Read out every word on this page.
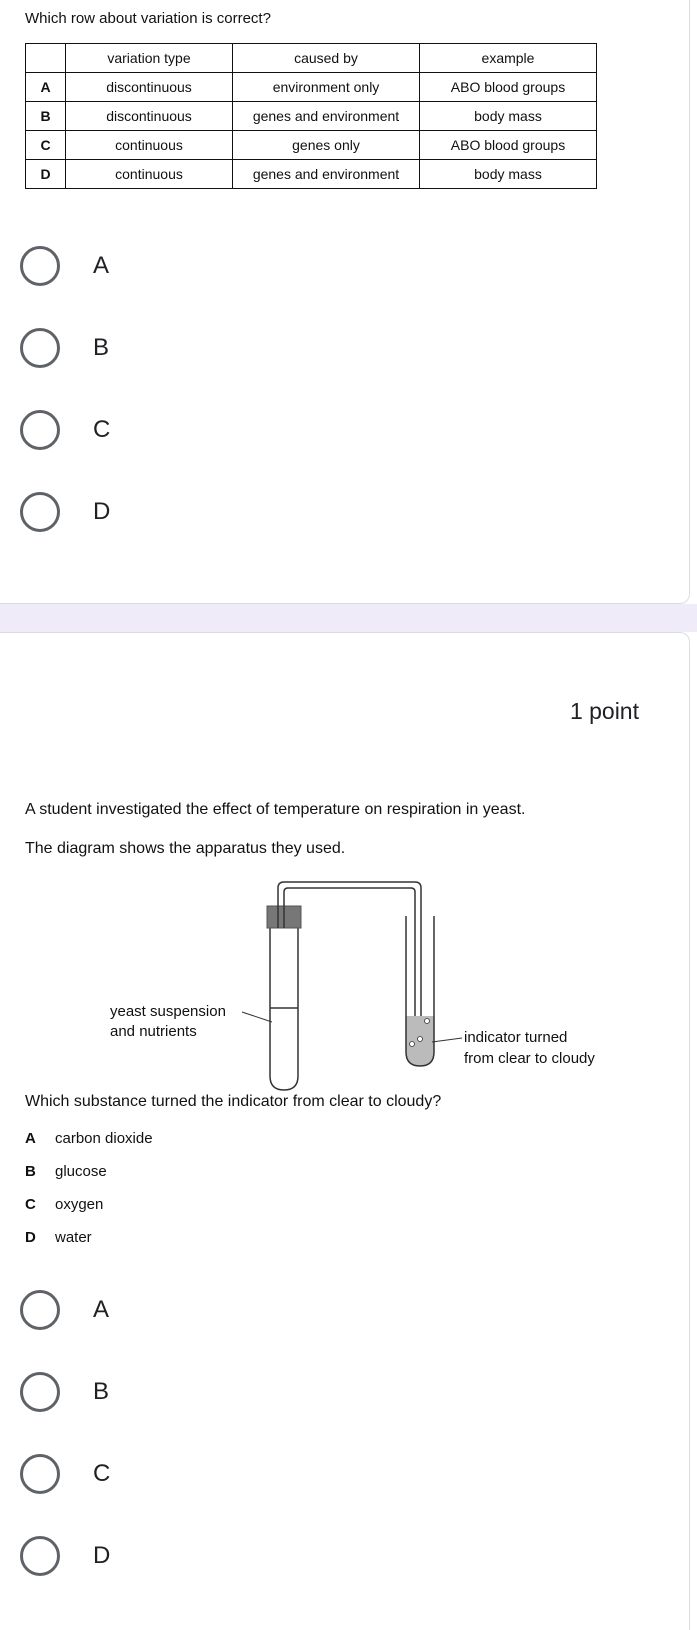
Which row about variation is correct?
	variation type	caused by	example
A	discontinuous	environment only	ABO blood groups
B	discontinuous	genes and environment	body mass
C	continuous	genes only	ABO blood groups
D	continuous	genes and environment	body mass
A
B
C
D
1 point
A student investigated the effect of temperature on respiration in yeast.
The diagram shows the apparatus they used.
yeast suspension
and nutrients	indicator turned
from clear to cloudy
Which substance turned the indicator from clear to cloudy?
A	carbon dioxide
B	glucose
C	oxygen
D	water
A
B
C
D
